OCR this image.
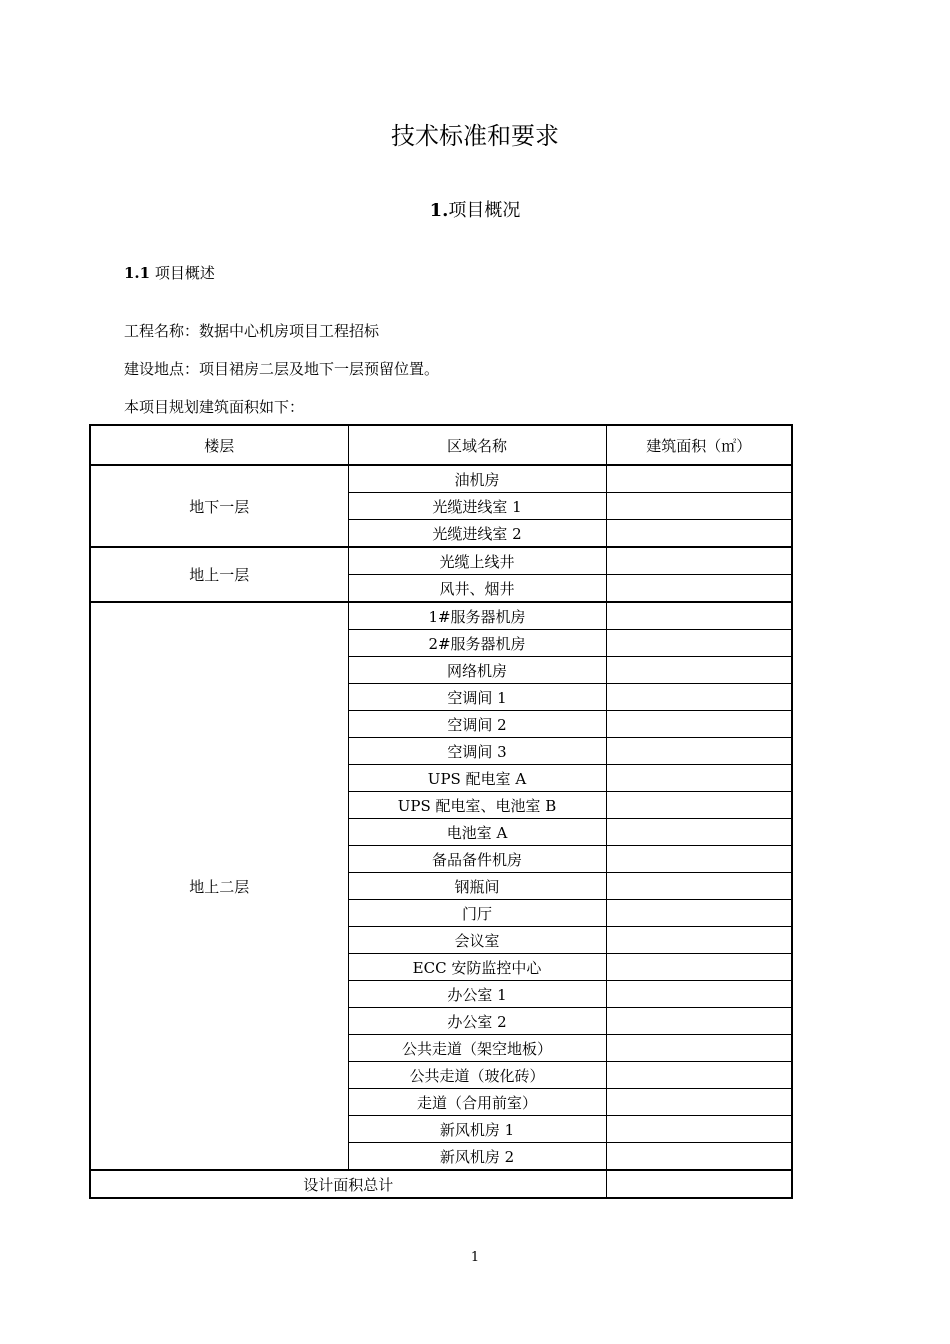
技术标准和要求
1.项目概况
1.1 项目概述
工程名称：数据中心机房项目工程招标
建设地点：项目裙房二层及地下一层预留位置。
本项目规划建筑面积如下：
楼层	区域名称	建筑面积（㎡）
地下一层	油机房	
	光缆进线室 1	
	光缆进线室 2	
地上一层	光缆上线井	
	风井、烟井	
地上二层	1#服务器机房	
	2#服务器机房	
	网络机房	
	空调间 1	
	空调间 2	
	空调间 3	
	UPS 配电室 A	
	UPS 配电室、电池室 B	
	电池室 A	
	备品备件机房	
	钢瓶间	
	门厅	
	会议室	
	ECC 安防监控中心	
	办公室 1	
	办公室 2	
	公共走道（架空地板）	
	公共走道（玻化砖）	
	走道（合用前室）	
	新风机房 1	
	新风机房 2	
设计面积总计		
1
